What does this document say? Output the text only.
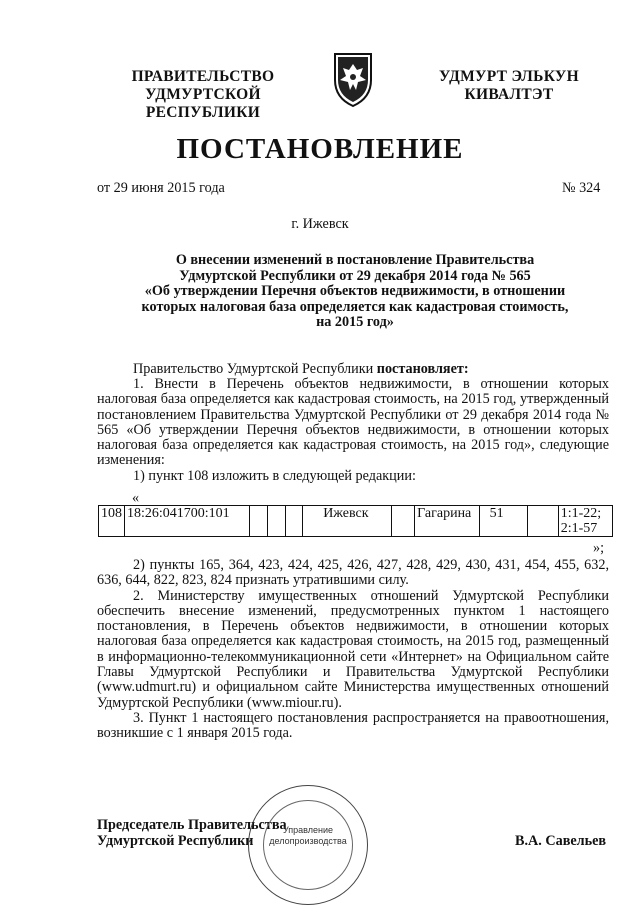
ПРАВИТЕЛЬСТВО
УДМУРТСКОЙ РЕСПУБЛИКИ
УДМУРТ ЭЛЬКУН
КИВАЛТЭТ
ПОСТАНОВЛЕНИЕ
от 29 июня 2015 года	№ 324
г. Ижевск
О внесении изменений в постановление Правительства
Удмуртской Республики от 29 декабря 2014 года № 565
«Об утверждении Перечня объектов недвижимости, в отношении
которых налоговая база определяется как кадастровая стоимость,
на 2015 год»

Правительство Удмуртской Республики постановляет:

1. Внести в Перечень объектов недвижимости, в отношении которых налоговая база определяется как кадастровая стоимость, на 2015 год, утвержденный постановлением Правительства Удмуртской Республики от 29 декабря 2014 года № 565 «Об утверждении Перечня объектов недвижимости, в отношении которых налоговая база определяется как кадастровая стоимость, на 2015 год», следующие изменения:

1) пункт 108 изложить в следующей редакции:

«
108	18:26:041700:101				Ижевск		Гагарина	51		1:1-22;
2:1-57
»;

2) пункты 165, 364, 423, 424, 425, 426, 427, 428, 429, 430, 431, 454, 455, 632, 636, 644, 822, 823, 824 признать утратившими силу.

2. Министерству имущественных отношений Удмуртской Республики обеспечить внесение изменений, предусмотренных пунктом 1 настоящего постановления, в Перечень объектов недвижимости, в отношении которых налоговая база определяется как кадастровая стоимость, на 2015 год, размещенный в информационно-телекоммуникационной сети «Интернет» на Официальном сайте Главы Удмуртской Республики и Правительства Удмуртской Республики (www.udmurt.ru) и официальном сайте Министерства имущественных отношений Удмуртской Республики (www.miour.ru).

3. Пункт 1 настоящего постановления распространяется на правоотношения, возникшие с 1 января 2015 года.

Председатель Правительства
Удмуртской Республики	В.А. Савельев
Управление
делопроизводства
